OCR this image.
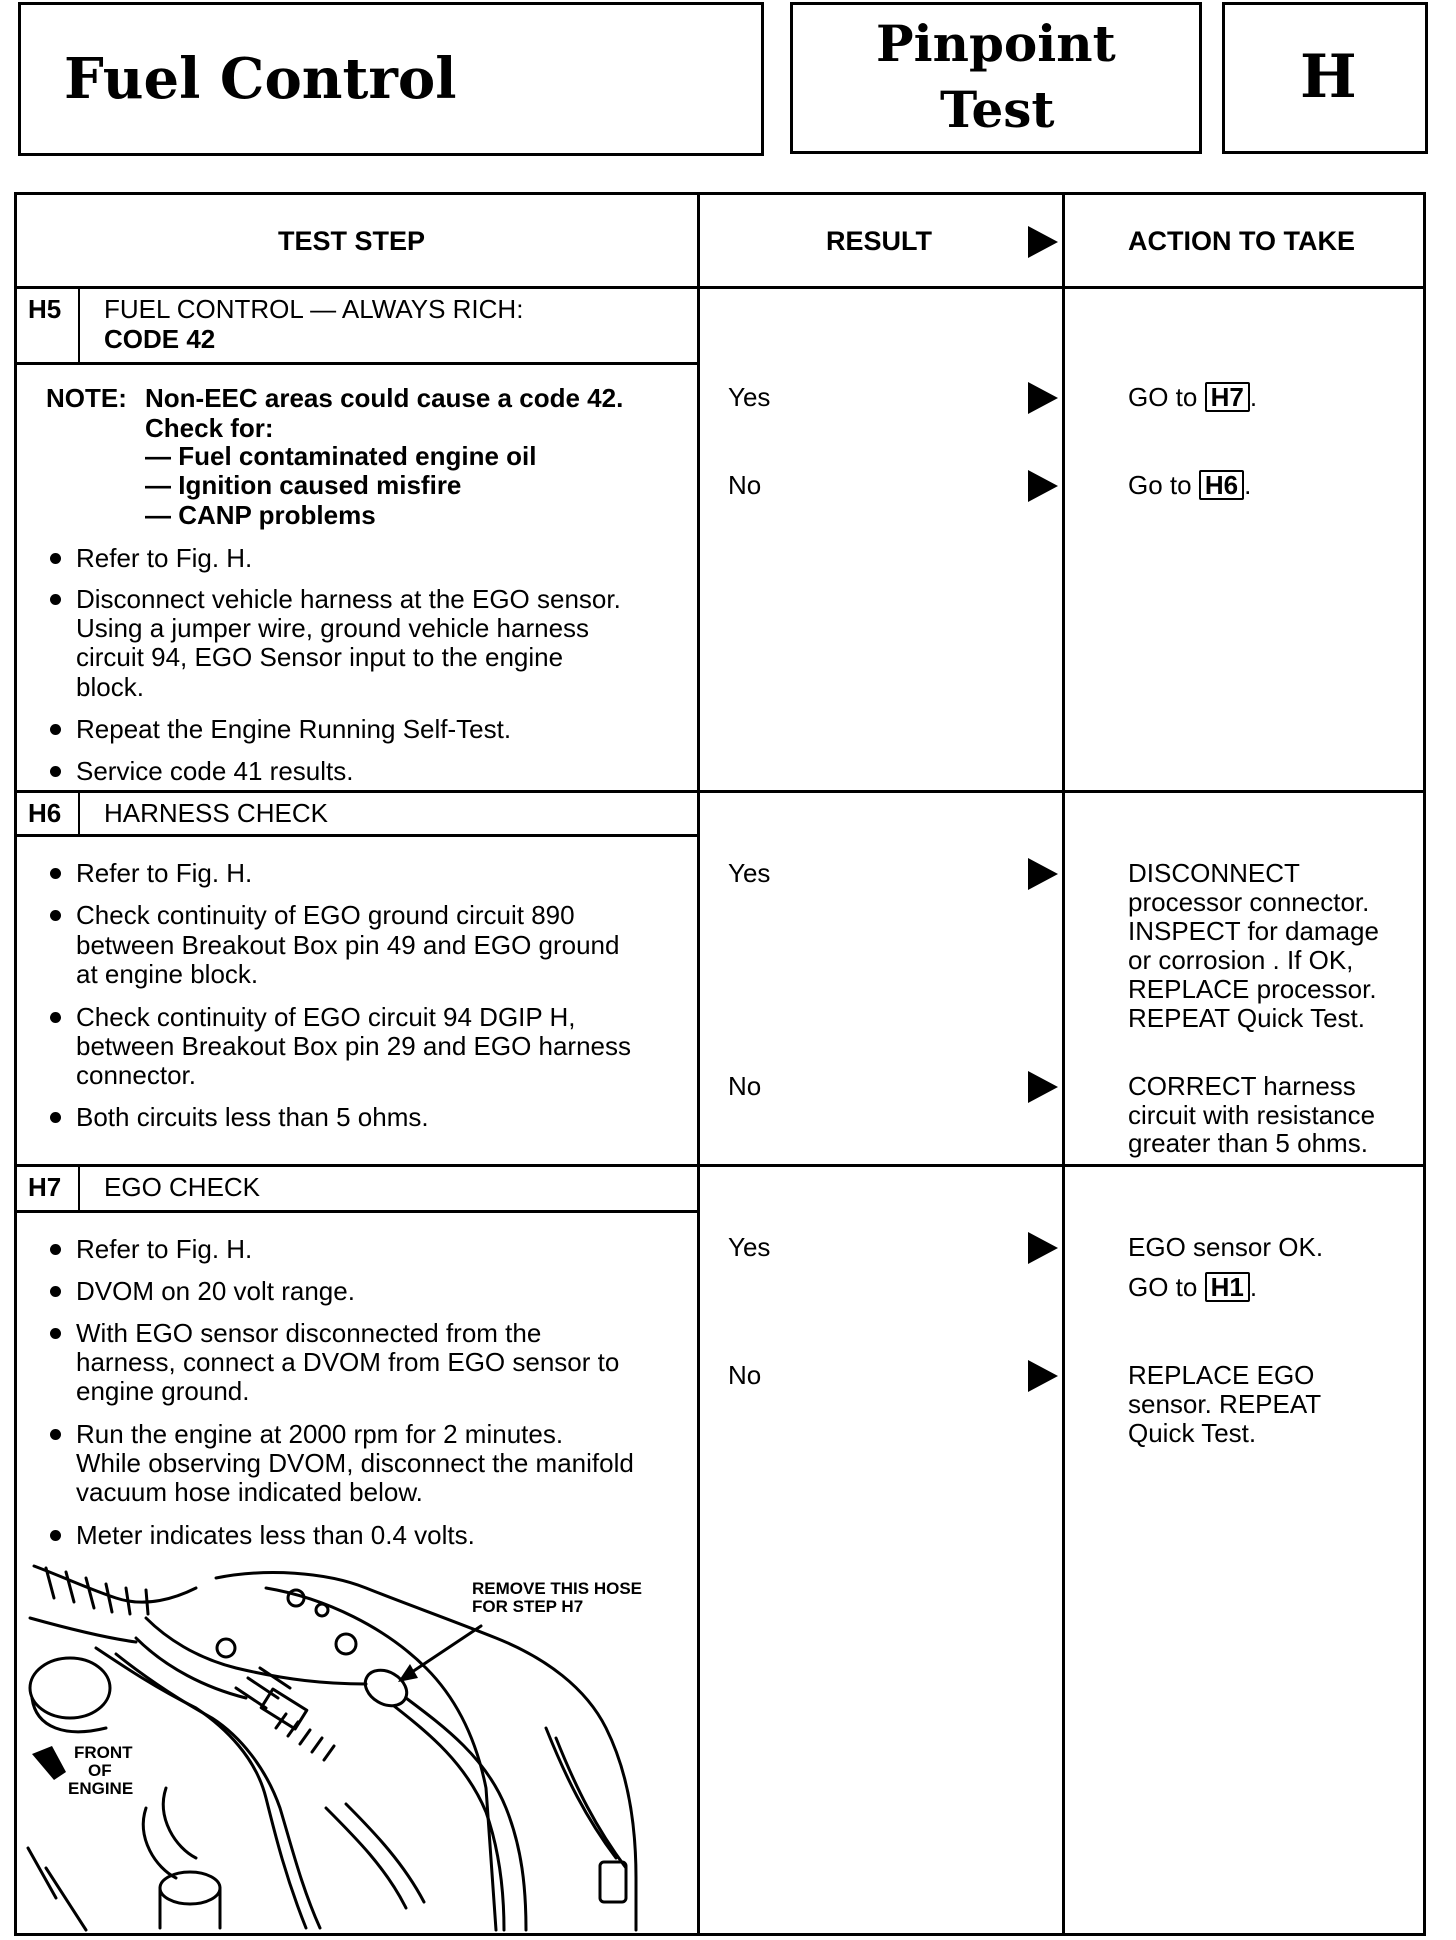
Fuel Control
Pinpoint
Test	H
TEST STEP	RESULT	ACTION TO TAKE
H5 FUEL CONTROL — ALWAYS RICH:
CODE 42
NOTE: Non-EEC areas could cause a code 42.
Check for:
— Fuel contaminated engine oil
— Ignition caused misfire
— CANP problems
Refer to Fig. H.
Disconnect vehicle harness at the EGO sensor.
Using a jumper wire, ground vehicle harness
circuit 94, EGO Sensor input to the engine
block.
Repeat the Engine Running Self-Test.
Service code 41 results.
Yes	GO to H7 .
No	Go to H6 .
H6 HARNESS CHECK
Refer to Fig. H.
Check continuity of EGO ground circuit 890
between Breakout Box pin 49 and EGO ground
at engine block.
Check continuity of EGO circuit 94 DGIP H,
between Breakout Box pin 29 and EGO harness
connector.
Both circuits less than 5 ohms.
Yes	DISCONNECT
processor connector.
INSPECT for damage
or corrosion . If OK,
REPLACE processor.
REPEAT Quick Test.
No	CORRECT harness
circuit with resistance
greater than 5 ohms.
H7 EGO CHECK
Refer to Fig. H.
DVOM on 20 volt range.
With EGO sensor disconnected from the
harness, connect a DVOM from EGO sensor to
engine ground.
Run the engine at 2000 rpm for 2 minutes.
While observing DVOM, disconnect the manifold
vacuum hose indicated below.
Meter indicates less than 0.4 volts.
Yes	EGO sensor OK.
GO to H1 .
No	REPLACE EGO
sensor. REPEAT
Quick Test.
REMOVE THIS HOSE
FOR STEP H7
FRONT
OF
ENGINE
